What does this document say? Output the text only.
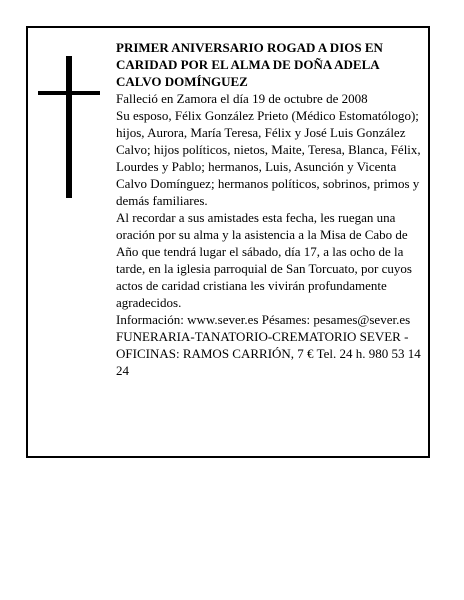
PRIMER ANIVERSARIO ROGAD A DIOS EN CARIDAD POR EL ALMA DE DOÑA ADELA CALVO DOMÍNGUEZ

Falleció en Zamora el día 19 de octubre de 2008

Su esposo, Félix González Prieto (Médico Estomatólogo); hijos, Aurora, María Teresa, Félix y José Luis González Calvo; hijos políticos, nietos, Maite, Teresa, Blanca, Félix, Lourdes y Pablo; hermanos, Luis, Asunción y Vicenta Calvo Domínguez; hermanos políticos, sobrinos, primos y demás familiares.

Al recordar a sus amistades esta fecha, les ruegan una oración por su alma y la asistencia a la Misa de Cabo de Año que tendrá lugar el sábado, día 17, a las ocho de la tarde, en la iglesia parroquial de San Torcuato, por cuyos actos de caridad cristiana les vivirán profundamente agradecidos.

Información: www.sever.es Pésames: pesames@sever.es

FUNERARIA-TANATORIO-CREMATORIO SEVER - OFICINAS: RAMOS CARRIÓN, 7 € Tel. 24 h. 980 53 14 24
